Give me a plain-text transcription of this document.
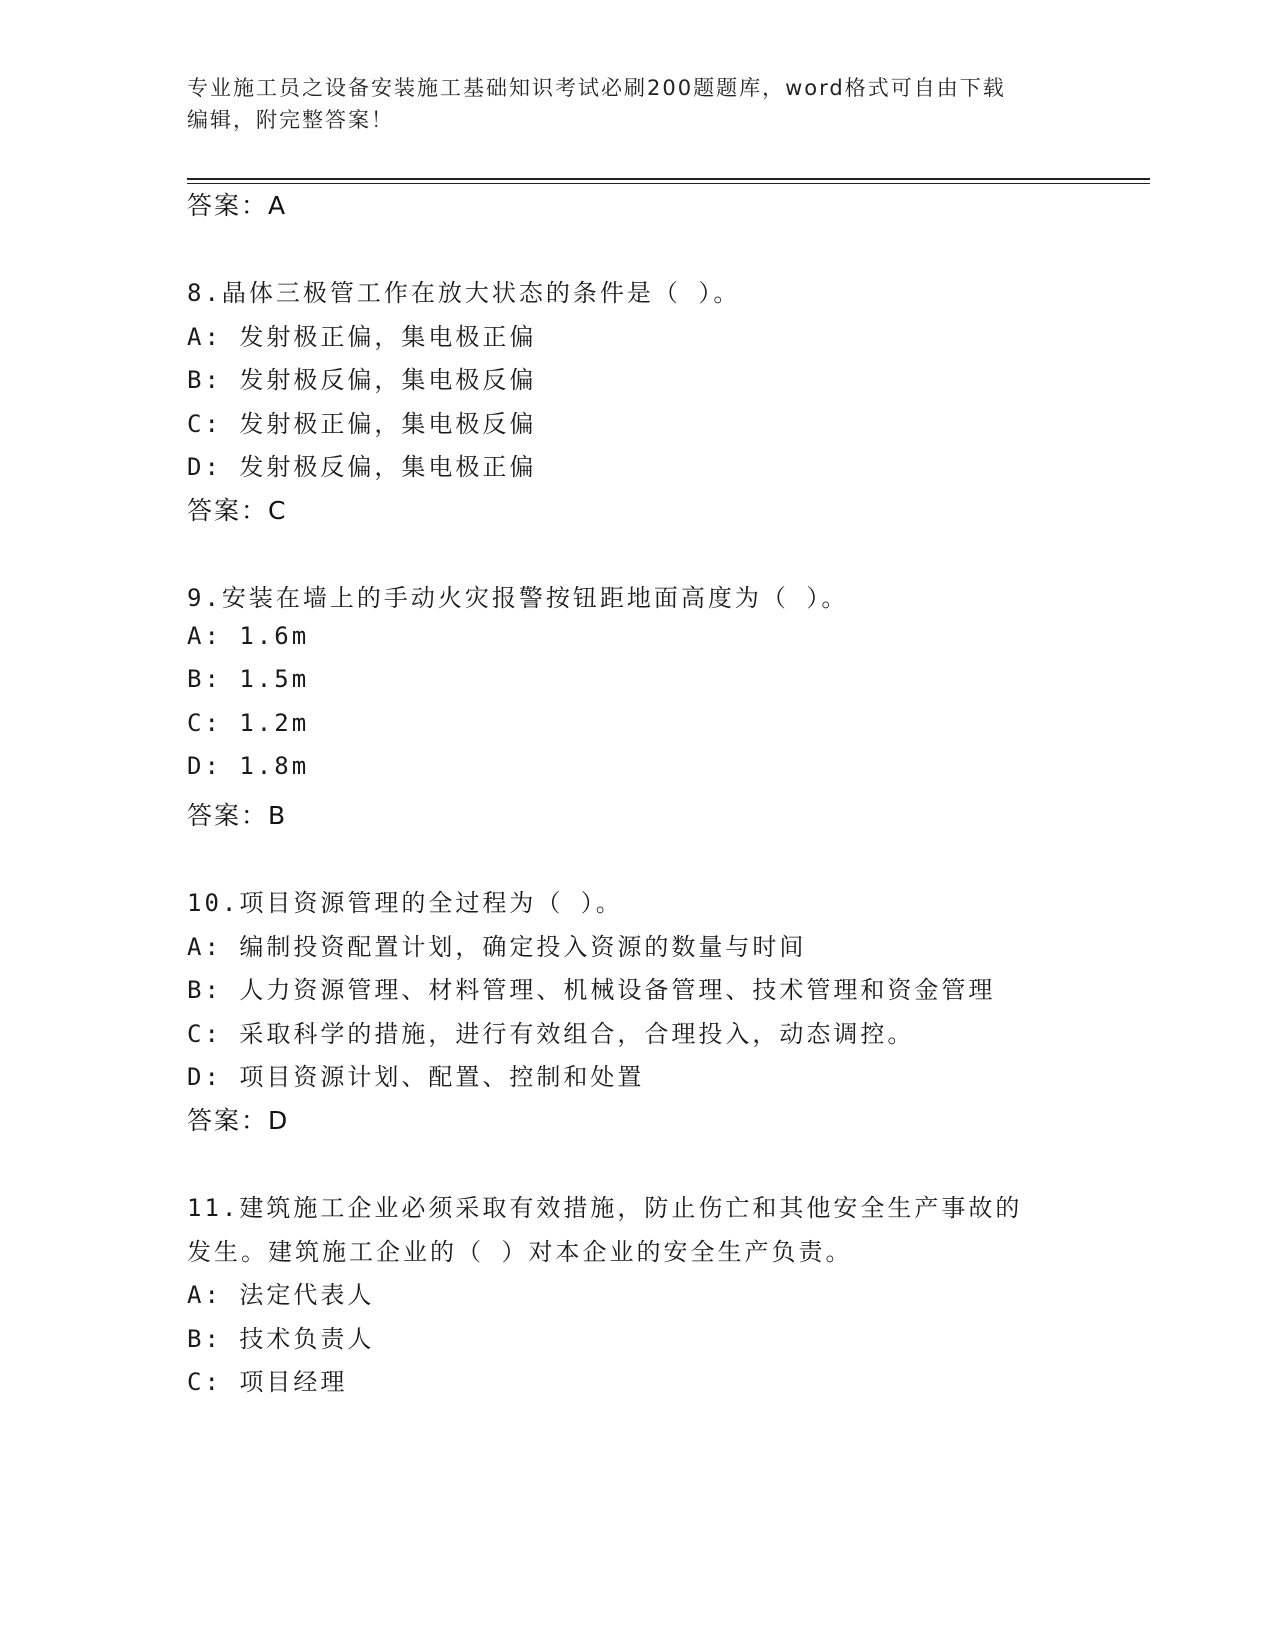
专业施工员之设备安装施工基础知识考试必刷200题题库，word格式可自由下载
编辑，附完整答案！
答案：A
8.晶体三极管工作在放大状态的条件是（ ）。
A: 发射极正偏，集电极正偏
B: 发射极反偏，集电极反偏
C: 发射极正偏，集电极反偏
D: 发射极反偏，集电极正偏
答案：C
9.安装在墙上的手动火灾报警按钮距地面高度为（ ）。
A: 1.6m
B: 1.5m
C: 1.2m
D: 1.8m
答案：B
10.项目资源管理的全过程为（ ）。
A: 编制投资配置计划，确定投入资源的数量与时间
B: 人力资源管理、材料管理、机械设备管理、技术管理和资金管理
C: 采取科学的措施，进行有效组合，合理投入，动态调控。
D: 项目资源计划、配置、控制和处置
答案：D
11.建筑施工企业必须采取有效措施，防止伤亡和其他安全生产事故的
发生。建筑施工企业的（ ）对本企业的安全生产负责。
A: 法定代表人
B: 技术负责人
C: 项目经理
